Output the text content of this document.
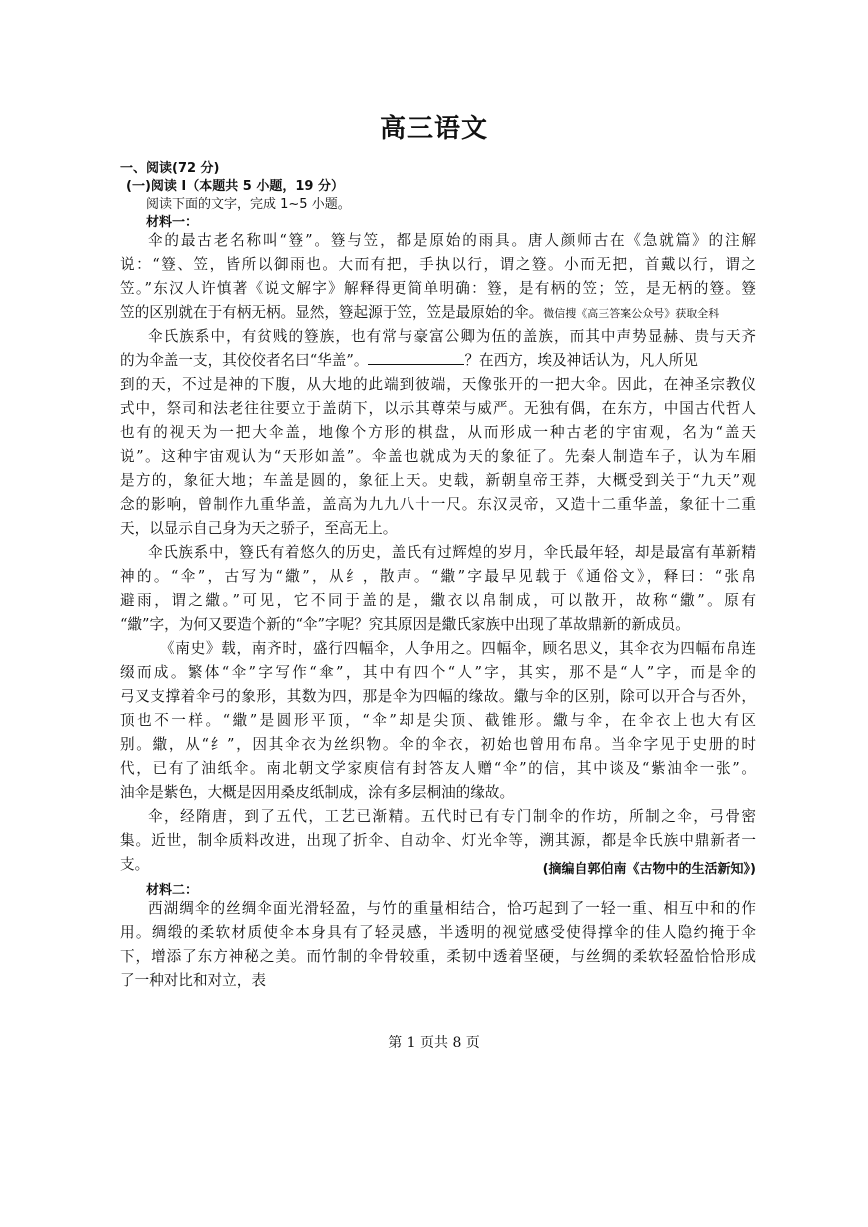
高三语文
一、阅读(72 分)
(一)阅读 I（本题共 5 小题，19 分）
阅读下面的文字，完成 1~5 小题。
材料一：
伞的最古老名称叫“簦”。簦与笠，都是原始的雨具。唐人颜师古在《急就篇》的注解
说：“簦、笠，皆所以御雨也。大而有把，手执以行，谓之簦。小而无把，首戴以行，谓之
笠。”东汉人许慎著《说文解字》解释得更简单明确：簦，是有柄的笠；笠，是无柄的簦。簦
笠的区别就在于有柄无柄。显然，簦起源于笠，笠是最原始的伞。微信搜《高三答案公众号》获取全科
伞氏族系中，有贫贱的簦族，也有常与豪富公卿为伍的盖族，而其中声势显赫、贵与天齐
的为伞盖一支，其佼佼者名曰“华盖”。	？在西方，埃及神话认为，凡人所见
到的天，不过是神的下腹，从大地的此端到彼端，天像张开的一把大伞。因此，在神圣宗教仪
式中，祭司和法老往往要立于盖荫下，以示其尊荣与威严。无独有偶，在东方，中国古代哲人
也有的视天为一把大伞盖，地像个方形的棋盘，从而形成一种古老的宇宙观，名为“盖天
说”。这种宇宙观认为“天形如盖”。伞盖也就成为天的象征了。先秦人制造车子，认为车厢
是方的，象征大地；车盖是圆的，象征上天。史载，新朝皇帝王莽，大概受到关于“九天”观
念的影响，曾制作九重华盖，盖高为九九八十一尺。东汉灵帝，又造十二重华盖，象征十二重
天，以显示自己身为天之骄子，至高无上。
伞氏族系中，簦氏有着悠久的历史，盖氏有过辉煌的岁月，伞氏最年轻，却是最富有革新精
神的。“伞”，古写为“繖”，从纟，散声。“繖”字最早见载于《通俗文》，释曰：“张帛
避雨，谓之繖。”可见，它不同于盖的是，繖衣以帛制成，可以散开，故称“繖”。原有
“繖”字，为何又要造个新的“伞”字呢？究其原因是繖氏家族中出现了革故鼎新的新成员。
《南史》载，南齐时，盛行四幅伞，人争用之。四幅伞，顾名思义，其伞衣为四幅布帛连
缀而成。繁体“伞”字写作“傘”，其中有四个“人”字，其实，那不是“人”字，而是伞的
弓叉支撑着伞弓的象形，其数为四，那是伞为四幅的缘故。繖与伞的区别，除可以开合与否外，
顶也不一样。“繖”是圆形平顶，“伞”却是尖顶、截锥形。繖与伞，在伞衣上也大有区
别。繖，从“纟”，因其伞衣为丝织物。伞的伞衣，初始也曾用布帛。当伞字见于史册的时
代，已有了油纸伞。南北朝文学家庾信有封答友人赠“伞”的信，其中谈及“紫油伞一张”。
油伞是紫色，大概是因用桑皮纸制成，涂有多层桐油的缘故。
伞，经隋唐，到了五代，工艺已渐精。五代时已有专门制伞的作坊，所制之伞，弓骨密
集。近世，制伞质料改进，出现了折伞、自动伞、灯光伞等，溯其源，都是伞氏族中鼎新者一
支。	(摘编自郭伯南《古物中的生活新知》)
材料二：
西湖绸伞的丝绸伞面光滑轻盈，与竹的重量相结合，恰巧起到了一轻一重、相互中和的作
用。绸缎的柔软材质使伞本身具有了轻灵感，半透明的视觉感受使得撑伞的佳人隐约掩于伞
下，增添了东方神秘之美。而竹制的伞骨较重，柔韧中透着坚硬，与丝绸的柔软轻盈恰恰形成
了一种对比和对立，表
第 1 页共 8 页
